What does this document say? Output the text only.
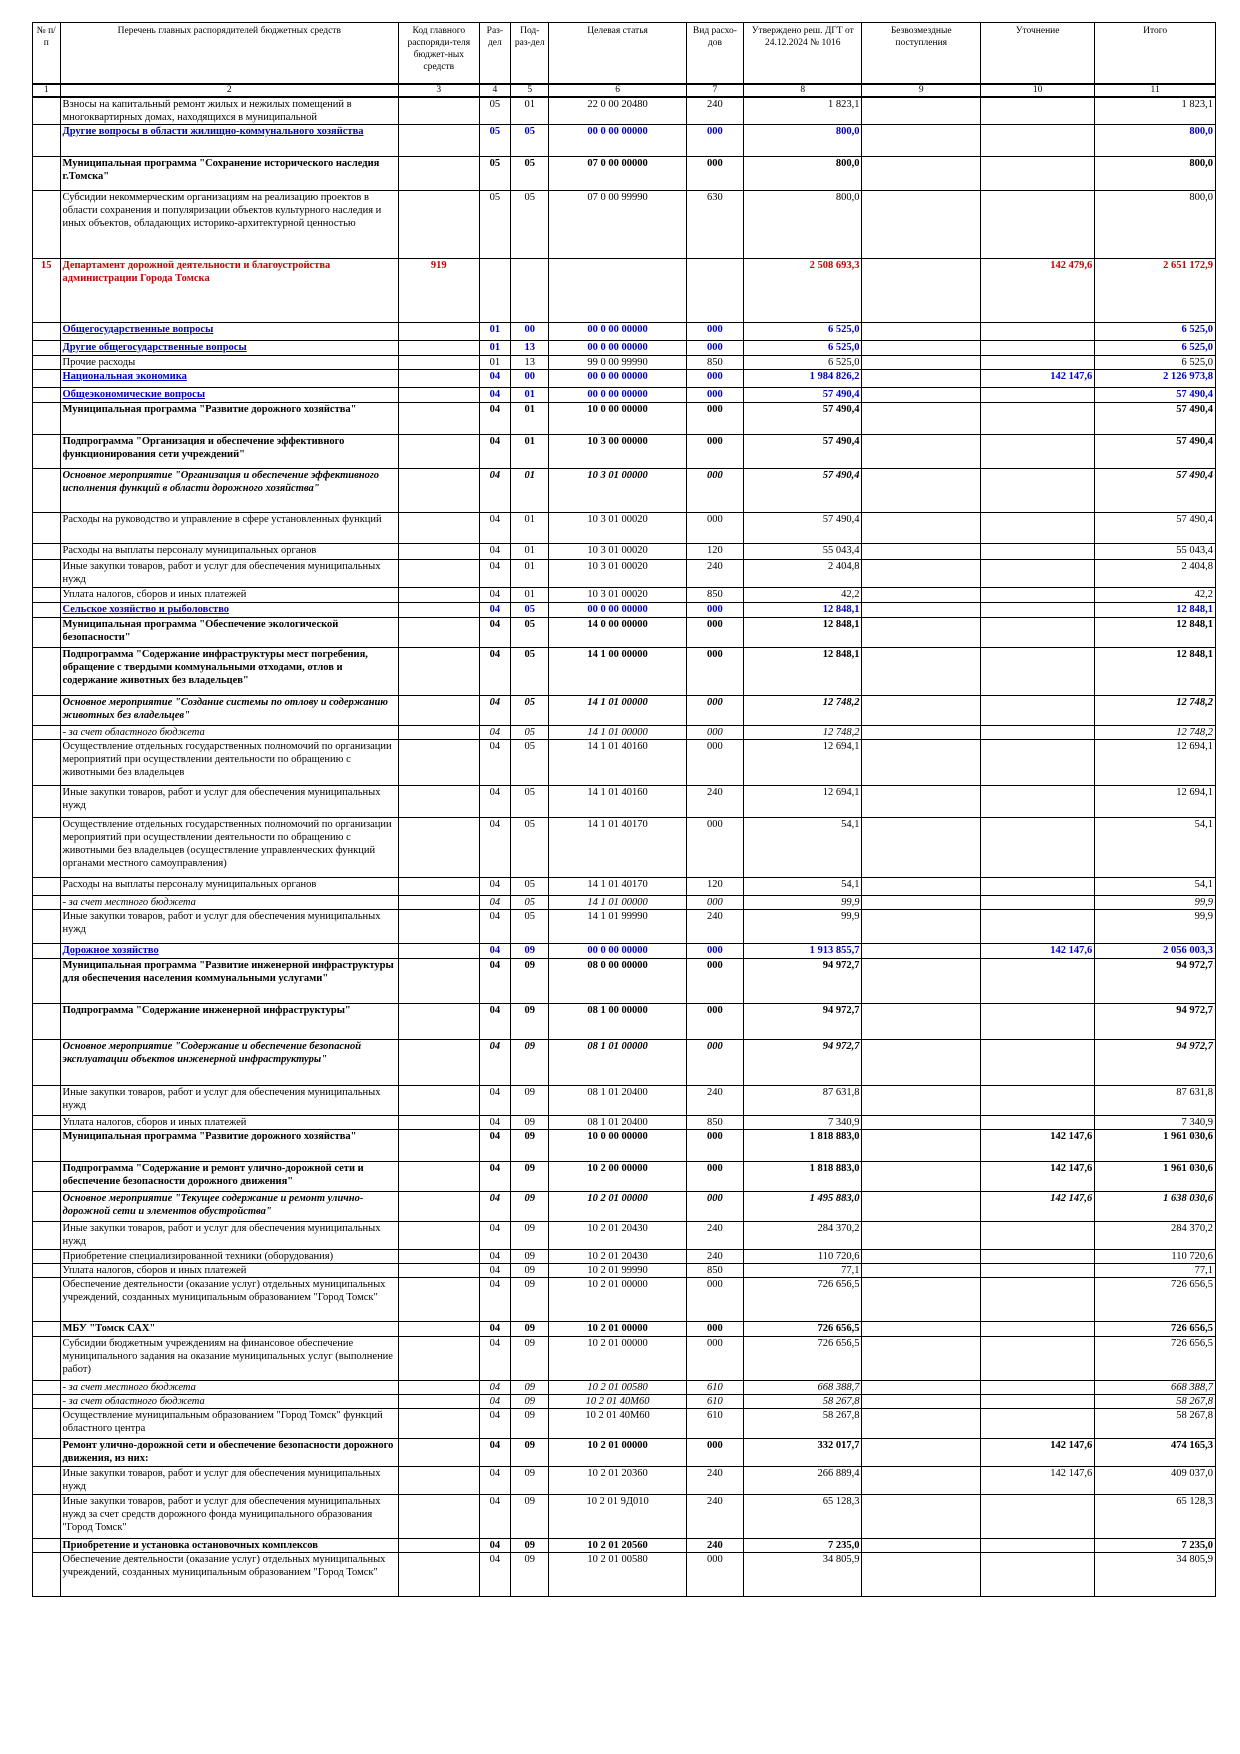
№ п/п	Перечень главных распорядителей бюджетных средств	Код главного распоряди-теля бюджет-ных средств	Раз-дел	Под-раз-дел	Целевая статья	Вид расхо-дов	Утверждено реш. ДГТ от 24.12.2024 № 1016	Безвозмездные поступления	Уточнение	Итого
1	2	3	4	5	6	7	8	9	10	11
	Взносы на капитальный ремонт жилых и нежилых помещений в многоквартирных домах, находящихся в муниципальной		05	01	22 0 00 20480	240	1 823,1			1 823,1
	Другие вопросы в области жилищно-коммунального хозяйства		05	05	00 0 00 00000	000	800,0			800,0
	Муниципальная программа "Сохранение исторического наследия г.Томска"		05	05	07 0 00 00000	000	800,0			800,0
	Субсидии некоммерческим организациям на реализацию проектов в области сохранения и популяризации объектов культурного наследия и иных объектов, обладающих историко-архитектурной ценностью		05	05	07 0 00 99990	630	800,0			800,0
15	Департамент дорожной деятельности и благоустройства администрации Города Томска	919					2 508 693,3		142 479,6	2 651 172,9
	Общегосударственные вопросы		01	00	00 0 00 00000	000	6 525,0			6 525,0
	Другие общегосударственные вопросы		01	13	00 0 00 00000	000	6 525,0			6 525,0
	Прочие расходы		01	13	99 0 00 99990	850	6 525,0			6 525,0
	Национальная экономика		04	00	00 0 00 00000	000	1 984 826,2		142 147,6	2 126 973,8
	Общеэкономические вопросы		04	01	00 0 00 00000	000	57 490,4			57 490,4
	Муниципальная программа "Развитие дорожного хозяйства"		04	01	10 0 00 00000	000	57 490,4			57 490,4
	Подпрограмма "Организация и обеспечение эффективного функционирования сети учреждений"		04	01	10 3 00 00000	000	57 490,4			57 490,4
	Основное мероприятие "Организация и обеспечение эффективного исполнения функций в области дорожного хозяйства"		04	01	10 3 01 00000	000	57 490,4			57 490,4
	Расходы на руководство и управление в сфере установленных функций		04	01	10 3 01 00020	000	57 490,4			57 490,4
	Расходы на выплаты персоналу муниципальных органов		04	01	10 3 01 00020	120	55 043,4			55 043,4
	Иные закупки товаров, работ и услуг для обеспечения муниципальных нужд		04	01	10 3 01 00020	240	2 404,8			2 404,8
	Уплата налогов, сборов и иных платежей		04	01	10 3 01 00020	850	42,2			42,2
	Сельское хозяйство и рыболовство		04	05	00 0 00 00000	000	12 848,1			12 848,1
	Муниципальная программа "Обеспечение экологической безопасности"		04	05	14 0 00 00000	000	12 848,1			12 848,1
	Подпрограмма "Содержание инфраструктуры мест погребения, обращение с твердыми коммунальными отходами, отлов и содержание животных без владельцев"		04	05	14 1 00 00000	000	12 848,1			12 848,1
	Основное мероприятие "Создание системы по отлову и содержанию животных без владельцев"		04	05	14 1 01 00000	000	12 748,2			12 748,2
	- за счет областного бюджета		04	05	14 1 01 00000	000	12 748,2			12 748,2
	Осуществление отдельных государственных полномочий по организации мероприятий при осуществлении деятельности по обращению с животными без владельцев		04	05	14 1 01 40160	000	12 694,1			12 694,1
	Иные закупки товаров, работ и услуг для обеспечения муниципальных нужд		04	05	14 1 01 40160	240	12 694,1			12 694,1
	Осуществление отдельных государственных полномочий по организации мероприятий при осуществлении деятельности по обращению с животными без владельцев (осуществление управленческих функций органами местного самоуправления)		04	05	14 1 01 40170	000	54,1			54,1
	Расходы на выплаты персоналу муниципальных органов		04	05	14 1 01 40170	120	54,1			54,1
	- за счет местного бюджета		04	05	14 1 01 00000	000	99,9			99,9
	Иные закупки товаров, работ и услуг для обеспечения муниципальных нужд		04	05	14 1 01 99990	240	99,9			99,9
	Дорожное хозяйство		04	09	00 0 00 00000	000	1 913 855,7		142 147,6	2 056 003,3
	Муниципальная программа "Развитие инженерной инфраструктуры для обеспечения населения коммунальными услугами"		04	09	08 0 00 00000	000	94 972,7			94 972,7
	Подпрограмма "Содержание инженерной инфраструктуры"		04	09	08 1 00 00000	000	94 972,7			94 972,7
	Основное мероприятие "Содержание и обеспечение безопасной эксплуатации объектов инженерной инфраструктуры"		04	09	08 1 01 00000	000	94 972,7			94 972,7
	Иные закупки товаров, работ и услуг для обеспечения муниципальных нужд		04	09	08 1 01 20400	240	87 631,8			87 631,8
	Уплата налогов, сборов и иных платежей		04	09	08 1 01 20400	850	7 340,9			7 340,9
	Муниципальная программа "Развитие дорожного хозяйства"		04	09	10 0 00 00000	000	1 818 883,0		142 147,6	1 961 030,6
	Подпрограмма "Содержание и ремонт улично-дорожной сети и обеспечение безопасности дорожного движения"		04	09	10 2 00 00000	000	1 818 883,0		142 147,6	1 961 030,6
	Основное мероприятие "Текущее содержание и ремонт улично-дорожной сети и элементов обустройства"		04	09	10 2 01 00000	000	1 495 883,0		142 147,6	1 638 030,6
	Иные закупки товаров, работ и услуг для обеспечения муниципальных нужд		04	09	10 2 01 20430	240	284 370,2			284 370,2
	Приобретение специализированной техники (оборудования)		04	09	10 2 01 20430	240	110 720,6			110 720,6
	Уплата налогов, сборов и иных платежей		04	09	10 2 01 99990	850	77,1			77,1
	Обеспечение деятельности (оказание услуг) отдельных муниципальных учреждений, созданных муниципальным образованием "Город Томск"		04	09	10 2 01 00000	000	726 656,5			726 656,5
	МБУ "Томск САХ"		04	09	10 2 01 00000	000	726 656,5			726 656,5
	Субсидии бюджетным учреждениям на финансовое обеспечение муниципального задания на оказание муниципальных услуг (выполнение работ)		04	09	10 2 01 00000	000	726 656,5			726 656,5
	- за счет местного бюджета		04	09	10 2 01 00580	610	668 388,7			668 388,7
	- за счет областного бюджета		04	09	10 2 01 40М60	610	58 267,8			58 267,8
	Осуществление муниципальным образованием "Город Томск" функций областного центра		04	09	10 2 01 40М60	610	58 267,8			58 267,8
	Ремонт улично-дорожной сети и обеспечение безопасности дорожного движения, из них:		04	09	10 2 01 00000	000	332 017,7		142 147,6	474 165,3
	Иные закупки товаров, работ и услуг для обеспечения муниципальных нужд		04	09	10 2 01 20360	240	266 889,4		142 147,6	409 037,0
	Иные закупки товаров, работ и услуг для обеспечения муниципальных нужд за счет средств дорожного фонда муниципального образования "Город Томск"		04	09	10 2 01 9Д010	240	65 128,3			65 128,3
	Приобретение и установка остановочных комплексов		04	09	10 2 01 20560	240	7 235,0			7 235,0
	Обеспечение деятельности (оказание услуг) отдельных муниципальных учреждений, созданных муниципальным образованием "Город Томск"		04	09	10 2 01 00580	000	34 805,9			34 805,9
